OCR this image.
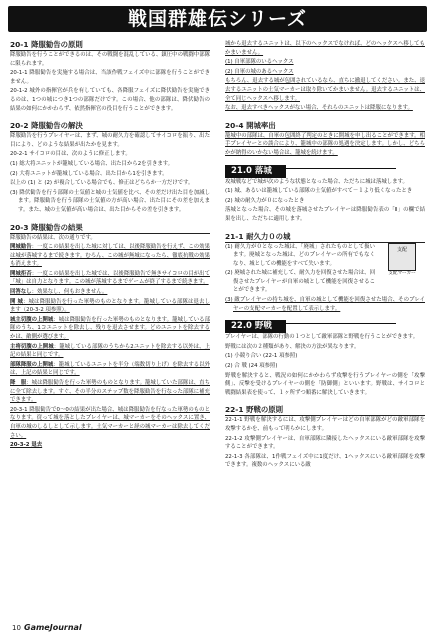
戦国群雄伝シリーズ
20-1 降服勧告の原則

降服勧告を行うことができるのは、その戦闘を混乱している、鎮圧中の戦闘中部隊に限られます。

20-1-1 降服勧告を実施する場合は、当該作戦フェイズ中に部隊を行うことができません。

20-1-2 城外の指揮官が兵を有していても、各降服フェイズに降伏勧告を実施できるのは、1つの城につき1つの部隊だけです。この場合、他の部隊は、降伏勧告の結果の如何にかかわらず、依然指揮官の役目を行うことができます。

20-2 降服勧告の解決

降服勧告を行うプレイヤーは、まず、城の耐久力を確認してサイコロを振り、出た目により、どのような結果が出たかを見ます。

20-2-1 サイコロの目は、次のように修正します。

(1) 総大将ユニットが籠城している場合、出た目から2を引きます。

(2) 大将ユニットが籠城している場合、出た目から1を引きます。

以上の (1) と (2) が複合している場合でも、修正はどちらか一方だけです。

(3) 降伏勧告を行う部隊の士気値と城の士気値を比べ、その差だけ出た目を加減します。降服勧告を行う部隊の士気値の方が高い場合、出た目にその差を加えます。また、城の士気値が高い場合は、出た目からその差を引きます。

20-3 降服勧告の結果

降服勧告の結果は、次の通りです。

開城勧告：一度この結果を出した城に対しては、以後降服勧告を行えず、この効果は城が落城するまで続きます。むろん、この城が無城になったら、徹底抗戦の効果も消えます。

開城拒否：一度この結果を出した城では、以後降服勧告で無きサイコロの目が出て「城」は自力となります。この城が落城するまでゲームが終了するまで続きます。

回答なし：効果なし、何もおきません。

開 城：城は降服勧告を行った軍勢のものとなります。籠城している部隊は退去します（20-3-2 項参照）。

城主切腹の上開城：城は降服勧告を行った軍勢のものとなります。籠城している部隊のうち、1コユニットを除去し、残りを退去させます。どのユニットを除去するかは、敵側が選びます。

主将切腹の上開城：籠城している部隊のうちから2ユニットを除去する以外は、上記の結果と同じです。

部隊降服の上開城：籠城しているユニットを半分（端数切り上げ）を除去する以外は、上記の結果と同じです。

降　服：城は降服勧告を行った軍勢のものとなります。籠城していた部隊は、直ちに全て除去します。すぐ、その半分のステップ数を降服勧告を行なった部隊に補充できます。

20-3-1 降服勧告で0～0の結果が出た場合、城は降服勧告を行なった軍勢のものとなります。従って城を落としたプレイヤーは、城マーカーをそのヘックスに置き、自軍の城のしるしとして示します。土気マーカーと経の城マーカーは除去してください。

20-3-2 退去

城から退去するユニットは、以下のヘックスでなければ、どのヘックスへ移してもかまいません。

(1) 自軍部隊のいるヘックス

(2) 自軍の城のあるヘックス

もちろん、退去する城が包囲されているなら、直ちに撤退してください。また、退去するユニットの士気マーカーは取り除いてかまいません。退去するユニットは、全て同じヘックスへ移します。

なお、退去すべきヘックスがない場合、それらのユニットは降服になります。

20-4 開城率出

籠城中の部隊は、自軍の包囲終了判定のときに開城を申し出ることができます。相手プレイヤーとの談合により、籠城中の部隊の処遇を決定します。しかし、どちらかが納得のいかない場合は、籠城を続けます。

21.0 落城

攻城戦などで城が次のような状態となった場合、ただちに城は落城します。

(1) 城、あるいは籠城している部隊の士気値がすべて－１より低くなったとき

(2) 城の耐久力が０になったとき

落城となった場合、その城を落城させたプレイヤーは降服勧告表の「Ⅱ」の欄で結果を出し、ただちに適用します。

21-1 耐久力０の城
支配
支配マーカー

(1) 耐久力が０となった城は、「廃城」されたものとして扱います。廃城となった城は、どのプレイヤーの所有でもなくなり、城としての機能をすべて失います。

(2) 廃城された城に補充して、耐久力を回復させた場合は、回復させたプレイヤーが自軍の城として機能を回復させることができます。

(3) 敵プレイヤーの持ち城を、自軍の城として機能を回復させた場合、そのプレイヤーの支配マーカーを配置して表示します。

22.0 野戦

プレイヤーは、部隊の行動の１つとして敵軍部隊と野戦を行うことができます。

野戦には次の２種類があり、解決の方法が異なります。

(1) 小競り合い (22-1 項参照)

(2) 合 戦 (24 項参照)

野戦を解決すると、戦況の如何にかかわらず攻撃を行うプレイヤーの側を「攻撃側」、反撃を受けるプレイヤーの側を「防御側」といいます。野戦は、サイコロと戦闘結果表を使って、１ヶ所ずつ順番に解決していきます。

22-1 野戦の原則

22-1-1 野戦を解決するには、攻撃側プレイヤーはどの自軍部隊がどの敵軍部隊を攻撃するかを、前もって明らかにします。

22-1-2 攻撃側プレイヤーは、自軍部隊に隣接したヘックスにいる敵軍部隊を攻撃することができます。

22-1-3 各部隊は、1作戦フェイズ中に1度だけ、1ヘックスにいる敵軍部隊を攻撃できます。複数のヘックスにいる敵

10 GameJournal
